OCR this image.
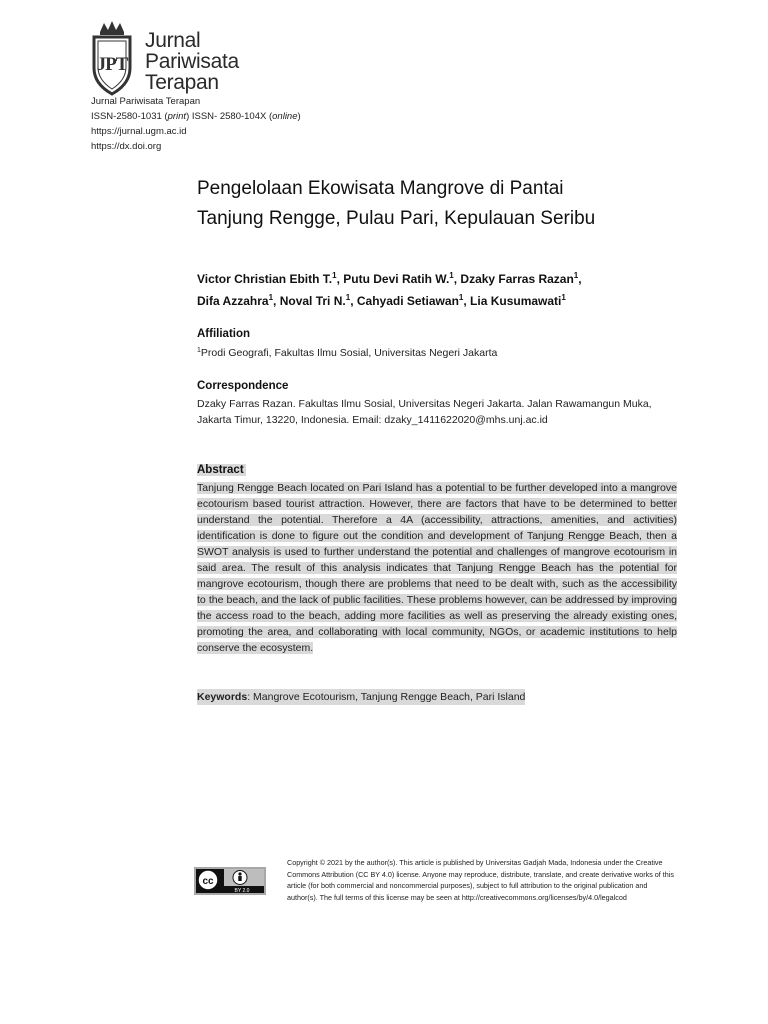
JPT
Jurnal
Pariwisata
Terapan
Jurnal Pariwisata Terapan
ISSN-2580-1031 (print) ISSN- 2580-104X (online)
https://jurnal.ugm.ac.id
https://dx.doi.org
Pengelolaan Ekowisata Mangrove di Pantai
Tanjung Rengge, Pulau Pari, Kepulauan Seribu
Victor Christian Ebith T.$^1$, Putu Devi Ratih W.$^1$, Dzaky Farras Razan$^1$,
Difa Azzahra$^1$, Noval Tri N.$^1$, Cahyadi Setiawan$^1$, Lia Kusumawati$^1$
Affiliation
$^1$Prodi Geografi, Fakultas Ilmu Sosial, Universitas Negeri Jakarta
Correspondence
Dzaky Farras Razan. Fakultas Ilmu Sosial, Universitas Negeri Jakarta. Jalan Rawamangun Muka, Jakarta Timur, 13220, Indonesia. Email: dzaky_1411622020@mhs.unj.ac.id
Abstract
Tanjung Rengge Beach located on Pari Island has a potential to be further developed into a mangrove ecotourism based tourist attraction. However, there are factors that have to be determined to better understand the potential. Therefore a 4A (accessibility, attractions, amenities, and activities) identification is done to figure out the condition and development of Tanjung Rengge Beach, then a SWOT analysis is used to further understand the potential and challenges of mangrove ecotourism in said area. The result of this analysis indicates that Tanjung Rengge Beach has the potential for mangrove ecotourism, though there are problems that need to be dealt with, such as the accessibility to the beach, and the lack of public facilities. These problems however, can be addressed by improving the access road to the beach, adding more facilities as well as preserving the already existing ones, promoting the area, and collaborating with local community, NGOs, or academic institutions to help conserve the ecosystem.
Keywords: Mangrove Ecotourism, Tanjung Rengge Beach, Pari Island
cc
BY 2.0
Copyright © 2021 by the author(s). This article is published by Universitas Gadjah Mada, Indonesia under the Creative Commons Attribution (CC BY 4.0) license. Anyone may reproduce, distribute, translate, and create derivative works of this article (for both commercial and noncommercial purposes), subject to full attribution to the original publication and author(s). The full terms of this license may be seen at http://creativecommons.org/licenses/by/4.0/legalcod
